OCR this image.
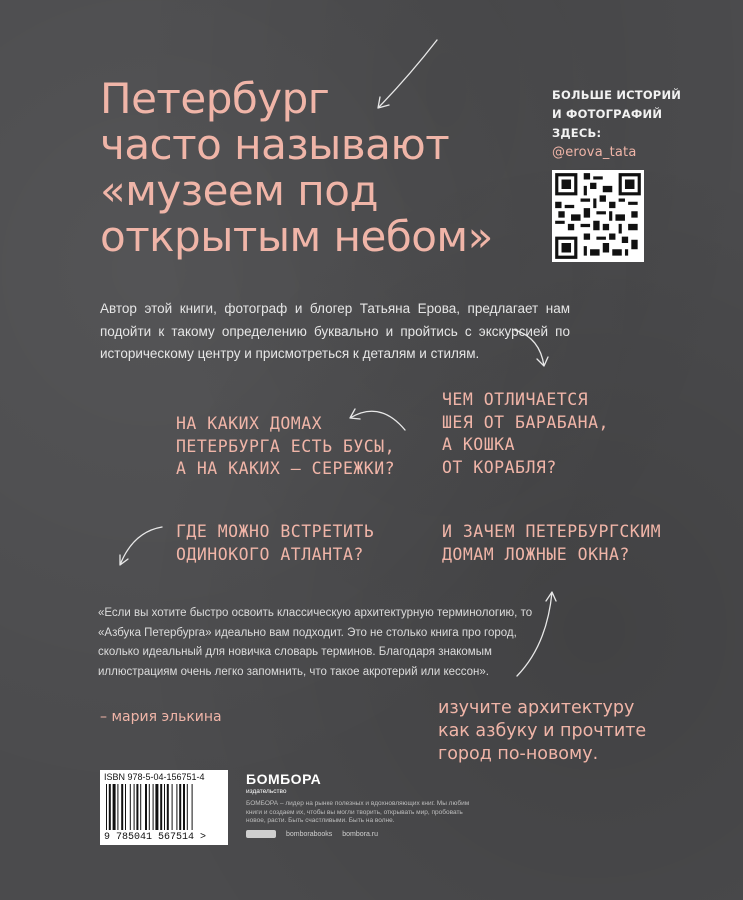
Петербург
часто называют
«музеем под
открытым небом»
БОЛЬШЕ ИСТОРИЙ
И ФОТОГРАФИЙ
ЗДЕСЬ:
@erova_tata
Автор этой книги, фотограф и блогер Татьяна Ерова, предлагает нам подойти к такому определению буквально и пройтись с экскурсией по историческому центру и присмотреться к деталям и стилям.
НА КАКИХ ДОМАХ
ПЕТЕРБУРГА ЕСТЬ БУСЫ,
А НА КАКИХ – СЕРЕЖКИ?
ЧЕМ ОТЛИЧАЕТСЯ
ШЕЯ ОТ БАРАБАНА,
А КОШКА
ОТ КОРАБЛЯ?
ГДЕ МОЖНО ВСТРЕТИТЬ
ОДИНОКОГО АТЛАНТА?
И ЗАЧЕМ ПЕТЕРБУРГСКИМ
ДОМАМ ЛОЖНЫЕ ОКНА?
«Если вы хотите быстро освоить классическую архитектурную терминологию, то «Азбука Петербурга» идеально вам подходит. Это не столько книга про город, сколько идеальный для новичка словарь терминов. Благодаря знакомым иллюстрациям очень легко запомнить, что такое акротерий или кессон».
– мария элькина	изучите архитектуру
как азбуку и прочтите
город по-новому.
ISBN 978-5-04-156751-4
9 785041 567514 >
БОМБОРА
издательство
БОМБОРА – лидер на рынке полезных и вдохновляющих книг. Мы любим книги и создаем их, чтобы вы могли творить, открывать мир, пробовать новое, расти. Быть счастливыми. Быть на волне.
bomborabooks bombora.ru
